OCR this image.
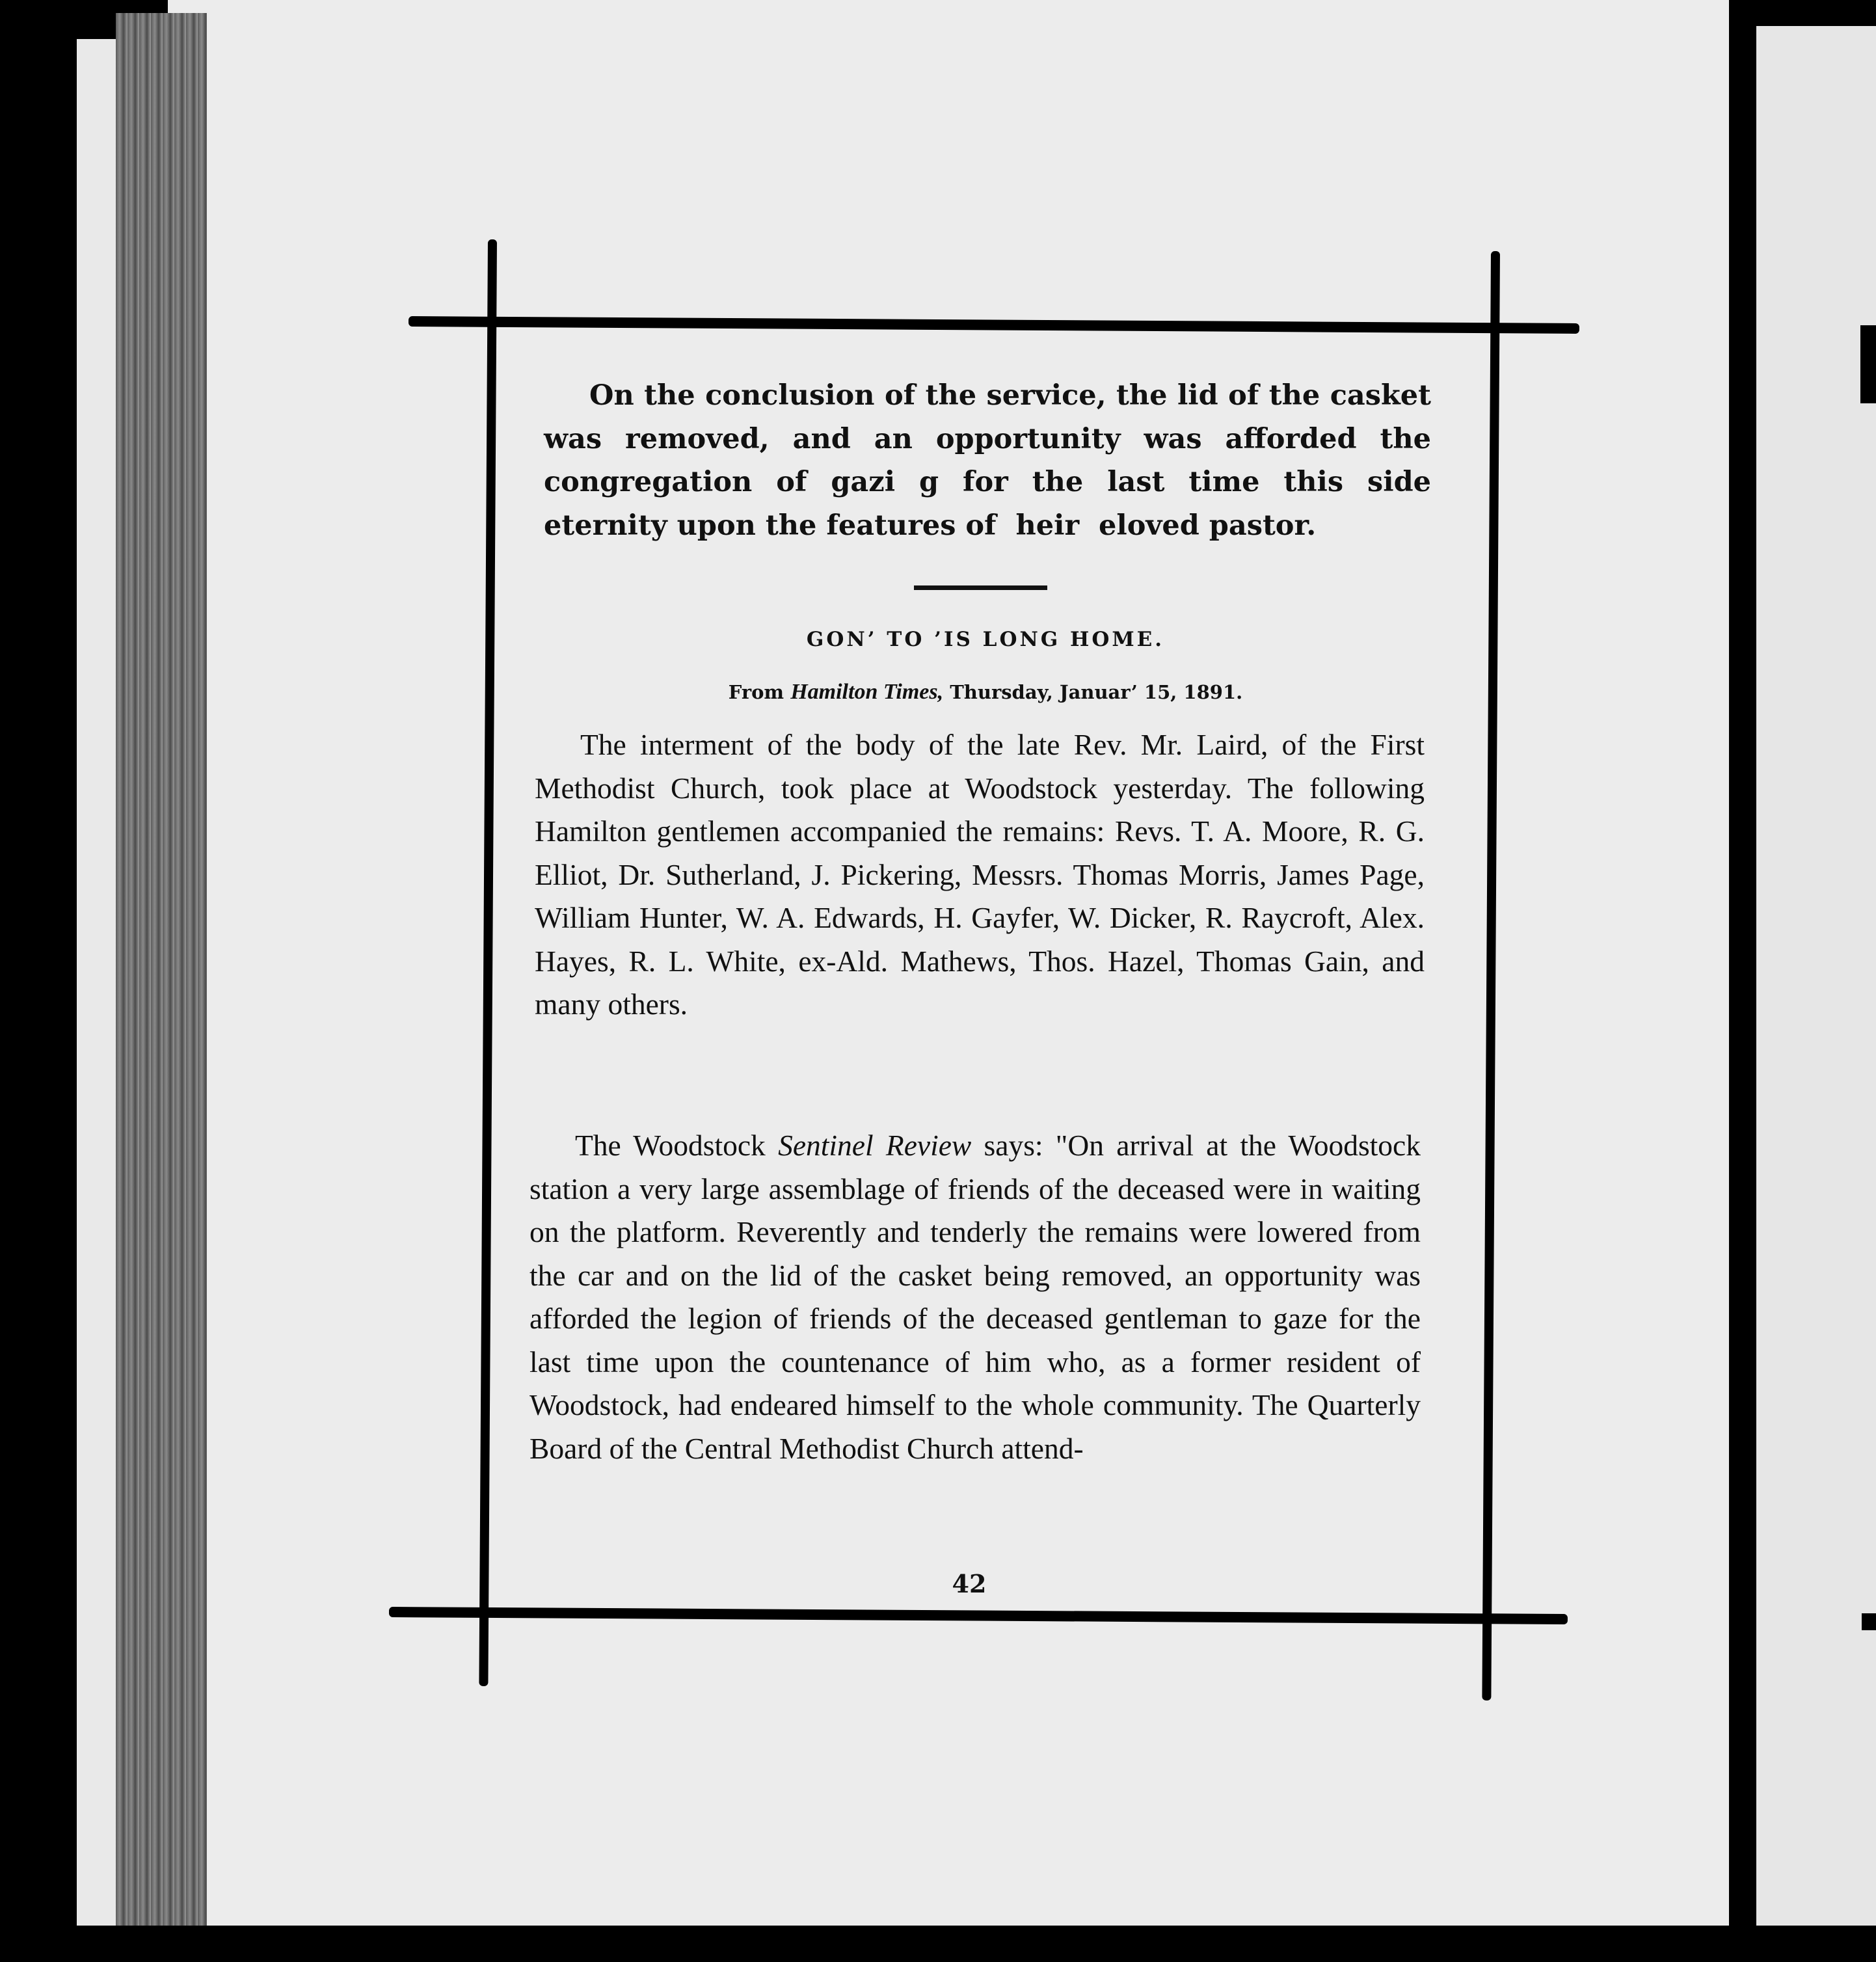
On the conclusion of the service, the lid of the casket was removed, and an opportunity was afforded the congregation of gazi g for the last time this side eternity upon the features of  heir  elovеd pastor.

GON’ TO ’IS LONG HOME.
From Hamilton Times, Thursday, Januar’ 15, 1891.

The interment of the body of the late Rev. Mr. Laird, of the First Methodist Church, took place at Woodstock yesterday. The following Hamilton gentlemen accompanied the remains: Revs. T. A. Moore, R. G. Elliot, Dr. Sutherland, J. Pickering, Messrs. Thomas Morris, James Page, William Hunter, W. A. Edwards, H. Gayfer, W. Dicker, R. Raycroft, Alex. Hayes, R. L. White, ex-Ald. Mathews, Thos. Hazel, Thomas Gain, and many others.

The Woodstock Sentinel Review says: "On arrival at the Woodstock station a very large assemblage of friends of the deceased were in waiting on the platform. Reverently and tenderly the remains were lowered from the car and on the lid of the casket being removed, an opportunity was afforded the legion of friends of the deceased gentleman to gaze for the last time upon the countenance of him who, as a former resident of Woodstock, had endeared himself to the whole community. The Quarterly Board of the Central Methodist Church attend-

42
